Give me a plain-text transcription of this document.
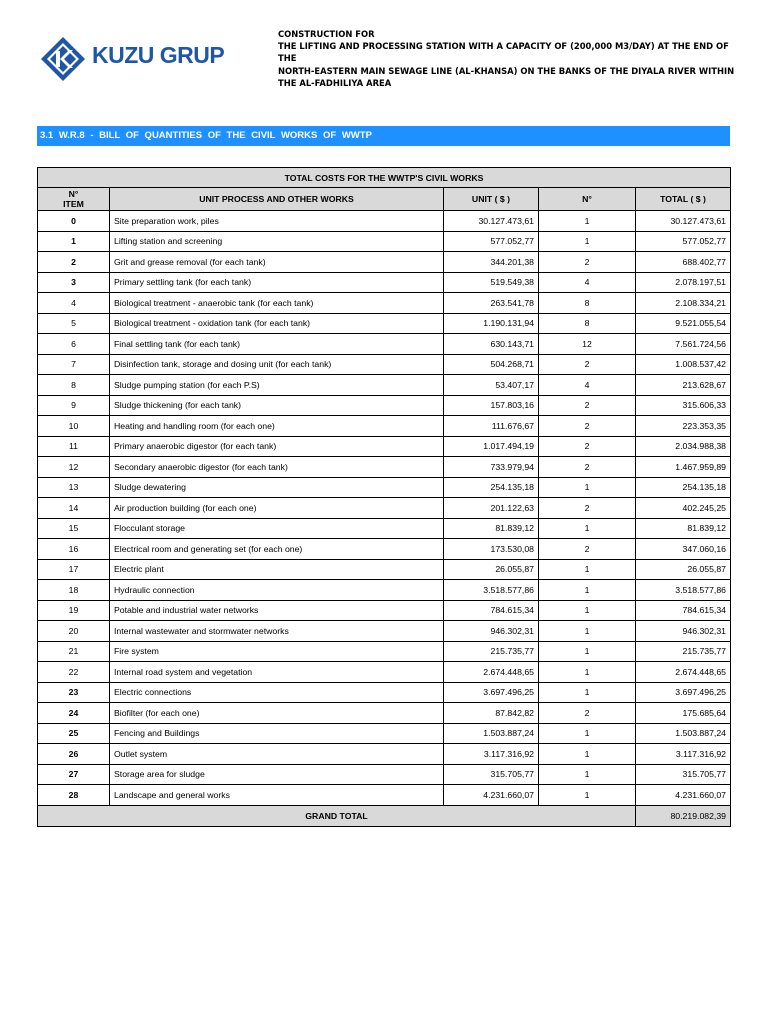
KUZU GRUP
CONSTRUCTION FOR
THE LIFTING AND PROCESSING STATION WITH A CAPACITY OF (200,000 M3/DAY) AT THE END OF THE
NORTH-EASTERN MAIN SEWAGE LINE (AL-KHANSA) ON THE BANKS OF THE DIYALA RIVER WITHIN
THE AL-FADHILIYA AREA
3.1 W.R.8 - BILL OF QUANTITIES OF THE CIVIL WORKS OF WWTP
TOTAL COSTS FOR THE WWTP'S CIVIL WORKS				

N°
ITEM	UNIT PROCESS AND OTHER WORKS	UNIT ( $ )	N°	TOTAL ( $ )
0	Site preparation work, piles	30.127.473,61	1	30.127.473,61
1	Lifting station and screening	577.052,77	1	577.052,77
2	Grit and grease removal (for each tank)	344.201,38	2	688.402,77
3	Primary settling tank (for each tank)	519.549,38	4	2.078.197,51
4	Biological treatment - anaerobic tank (for each tank)	263.541,78	8	2.108.334,21
5	Biological treatment - oxidation tank (for each tank)	1.190.131,94	8	9.521.055,54
6	Final settling tank (for each tank)	630.143,71	12	7.561.724,56
7	Disinfection tank, storage and dosing unit (for each tank)	504.268,71	2	1.008.537,42
8	Sludge pumping station (for each P.S)	53.407,17	4	213.628,67
9	Sludge thickening (for each tank)	157.803,16	2	315.606,33
10	Heating and handling room (for each one)	111.676,67	2	223.353,35
11	Primary anaerobic digestor (for each tank)	1.017.494,19	2	2.034.988,38
12	Secondary anaerobic digestor (for each tank)	733.979,94	2	1.467.959,89
13	Sludge dewatering	254.135,18	1	254.135,18
14	Air production building (for each one)	201.122,63	2	402.245,25
15	Flocculant storage	81.839,12	1	81.839,12
16	Electrical room and generating set (for each one)	173.530,08	2	347.060,16
17	Electric plant	26.055,87	1	26.055,87
18	Hydraulic connection	3.518.577,86	1	3.518.577,86
19	Potable and industrial water networks	784.615,34	1	784.615,34
20	Internal wastewater and stormwater networks	946.302,31	1	946.302,31
21	Fire system	215.735,77	1	215.735,77
22	Internal road system and vegetation	2.674.448,65	1	2.674.448,65
23	Electric connections	3.697.496,25	1	3.697.496,25
24	Biofilter (for each one)	87.842,82	2	175.685,64
25	Fencing and Buildings	1.503.887,24	1	1.503.887,24
26	Outlet system	3.117.316,92	1	3.117.316,92
27	Storage area for sludge	315.705,77	1	315.705,77
28	Landscape and general works	4.231.660,07	1	4.231.660,07
GRAND TOTAL				80.219.082,39
